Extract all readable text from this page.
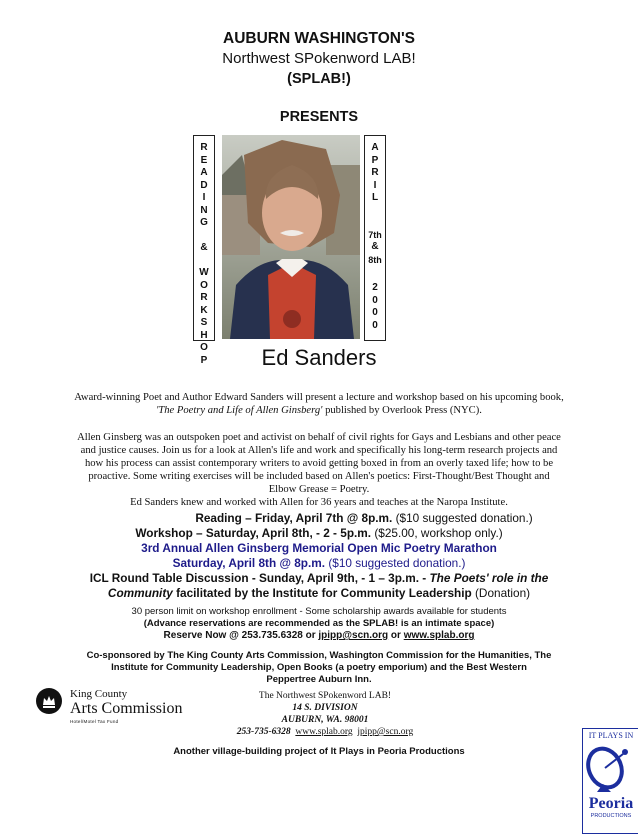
AUBURN WASHINGTON'S
Northwest SPokenword LAB!
(SPLAB!)
PRESENTS
R
E
A
D
I
N
G

&

W
O
R
K
S
H
O
P
A
P
R
I
L
7th
&
8th
2
0
0
0
Ed Sanders
Award-winning Poet and Author Edward Sanders will present a lecture and workshop based on his upcoming book,
'The Poetry and Life of Allen Ginsberg' published by Overlook Press (NYC).
Allen Ginsberg was an outspoken poet and activist on behalf of civil rights for Gays and Lesbians and other peace
and justice causes. Join us for a look at Allen's life and work and specifically his long-term research projects and
how his process can assist contemporary writers to avoid getting boxed in from an overly taxed life; how to be
proactive. Some writing exercises will be included based on Allen's poetics: First-Thought/Best Thought and
Elbow Grease = Poetry.
Ed Sanders knew and worked with Allen for 36 years and teaches at the Naropa Institute.
Reading – Friday, April 7th @ 8p.m. ($10 suggested donation.)
Workshop – Saturday, April 8th, - 2 - 5p.m. ($25.00, workshop only.)
3rd Annual Allen Ginsberg Memorial Open Mic Poetry Marathon
Saturday, April 8th @ 8p.m. ($10 suggested donation.)
ICL Round Table Discussion - Sunday, April 9th, - 1 – 3p.m. - The Poets' role in the
Community facilitated by the Institute for Community Leadership (Donation)
30 person limit on workshop enrollment - Some scholarship awards available for students
(Advance reservations are recommended as the SPLAB! is an intimate space)
Reserve Now @ 253.735.6328 or jpipp@scn.org or www.splab.org
Co-sponsored by The King County Arts Commission, Washington Commission for the Humanities, The
Institute for Community Leadership, Open Books (a poetry emporium) and the Best Western
Peppertree Auburn Inn.
King County
Arts Commission
Hotel/Motel Tax Fund
The Northwest SPokenword LAB!
14 S. DIVISION
AUBURN, WA. 98001
253-735-6328 www.splab.org jpipp@scn.org
Another village-building project of It Plays in Peoria Productions
IT PLAYS IN
Peoria
PRODUCTIONS
